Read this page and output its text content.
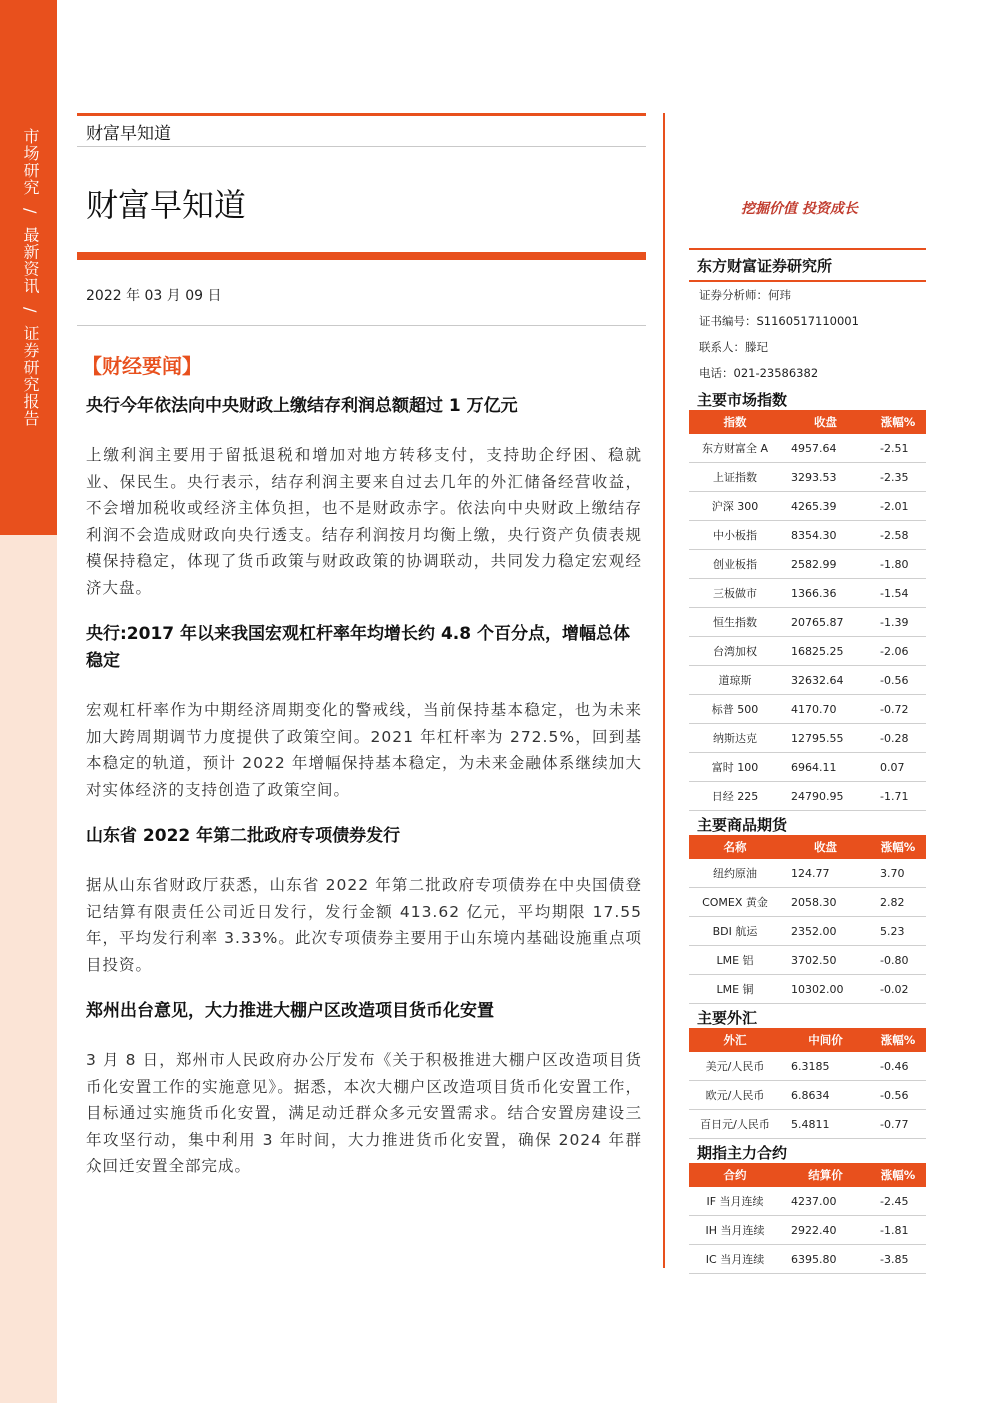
市场研究 / 最新资讯 / 证券研究报告
财富早知道
财富早知道	挖掘价值 投资成长
2022 年 03 月 09 日
【财经要闻】
央行今年依法向中央财政上缴结存利润总额超过 1 万亿元
上缴利润主要用于留抵退税和增加对地方转移支付，支持助企纾困、稳就业、保民生。央行表示，结存利润主要来自过去几年的外汇储备经营收益，不会增加税收或经济主体负担，也不是财政赤字。依法向中央财政上缴结存利润不会造成财政向央行透支。结存利润按月均衡上缴，央行资产负债表规模保持稳定，体现了货币政策与财政政策的协调联动，共同发力稳定宏观经济大盘。
央行:2017 年以来我国宏观杠杆率年均增长约 4.8 个百分点，增幅总体稳定
宏观杠杆率作为中期经济周期变化的警戒线，当前保持基本稳定，也为未来加大跨周期调节力度提供了政策空间。2021 年杠杆率为 272.5%，回到基本稳定的轨道，预计 2022 年增幅保持基本稳定，为未来金融体系继续加大对实体经济的支持创造了政策空间。
山东省 2022 年第二批政府专项债券发行
据从山东省财政厅获悉，山东省 2022 年第二批政府专项债券在中央国债登记结算有限责任公司近日发行，发行金额 413.62 亿元，平均期限 17.55 年，平均发行利率 3.33%。此次专项债券主要用于山东境内基础设施重点项目投资。
郑州出台意见，大力推进大棚户区改造项目货币化安置
3 月 8 日，郑州市人民政府办公厅发布《关于积极推进大棚户区改造项目货币化安置工作的实施意见》。据悉，本次大棚户区改造项目货币化安置工作，目标通过实施货币化安置，满足动迁群众多元安置需求。结合安置房建设三年攻坚行动，集中利用 3 年时间，大力推进货币化安置，确保 2024 年群众回迁安置全部完成。
东方财富证券研究所
证券分析师：何玮
证书编号：S1160517110001
联系人：滕玘
电话：021-23586382
主要市场指数
指数	收盘	涨幅%
东方财富全 A	4957.64	-2.51
上证指数	3293.53	-2.35
沪深 300	4265.39	-2.01
中小板指	8354.30	-2.58
创业板指	2582.99	-1.80
三板做市	1366.36	-1.54
恒生指数	20765.87	-1.39
台湾加权	16825.25	-2.06
道琼斯	32632.64	-0.56
标普 500	4170.70	-0.72
纳斯达克	12795.55	-0.28
富时 100	6964.11	0.07
日经 225	24790.95	-1.71
主要商品期货
名称	收盘	涨幅%
纽约原油	124.77	3.70
COMEX 黄金	2058.30	2.82
BDI 航运	2352.00	5.23
LME 铝	3702.50	-0.80
LME 铜	10302.00	-0.02
主要外汇
外汇	中间价	涨幅%
美元/人民币	6.3185	-0.46
欧元/人民币	6.8634	-0.56
百日元/人民币	5.4811	-0.77
期指主力合约
合约	结算价	涨幅%
IF 当月连续	4237.00	-2.45
IH 当月连续	2922.40	-1.81
IC 当月连续	6395.80	-3.85
